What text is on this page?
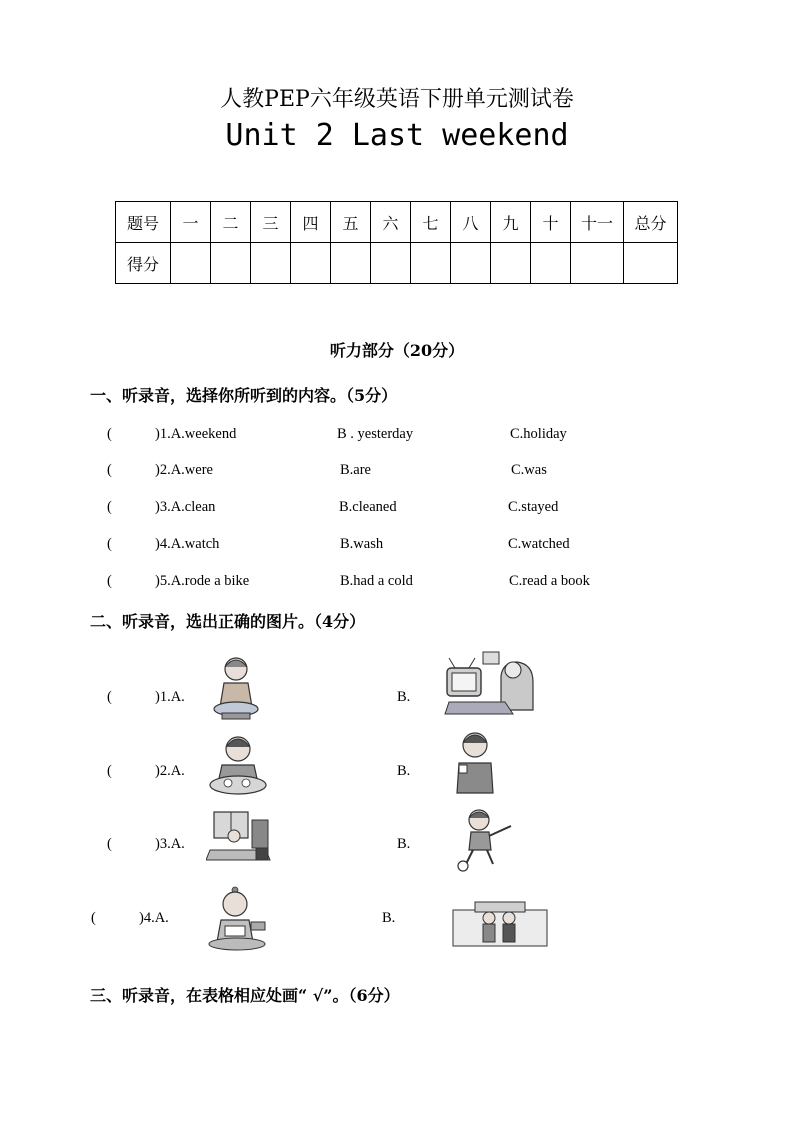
人教PEP六年级英语下册单元测试卷
Unit 2 Last weekend
题号	一	二	三	四	五	六	七	八	九	十	十一	总分
得分												
听力部分（20分）
一、听录音，选择你所听到的内容。（5分）
(	)1.A.weekend	B . yesterday	C.holiday
(	)2.A.were	B.are	C.was
(	)3.A.clean	B.cleaned	C.stayed
(	)4.A.watch	B.wash	C.watched
(	)5.A.rode a bike	B.had a cold	C.read a book
二、听录音，选出正确的图片。（4分）
(	)1.A.	B.
(	)2.A.	B.
(	)3.A.	B.
(	)4.A.	B.
三、听录音，在表格相应处画“ √”。（6分）
